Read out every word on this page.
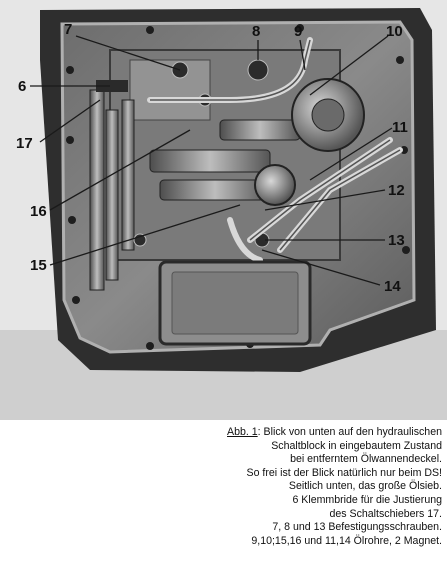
7	8 9	10
6
17
11
16
12
13
15
14
Abb. 1: Blick von unten auf den hydraulischen
Schaltblock in eingebautem Zustand
bei entferntem Ölwannendeckel.
So frei ist der Blick natürlich nur beim DS!
Seitlich unten, das große Ölsieb.
6 Klemmbride für die Justierung
des Schaltschiebers 17.
7, 8 und 13 Befestigungsschrauben.
9,10;15,16 und 11,14 Ölrohre, 2 Magnet.
